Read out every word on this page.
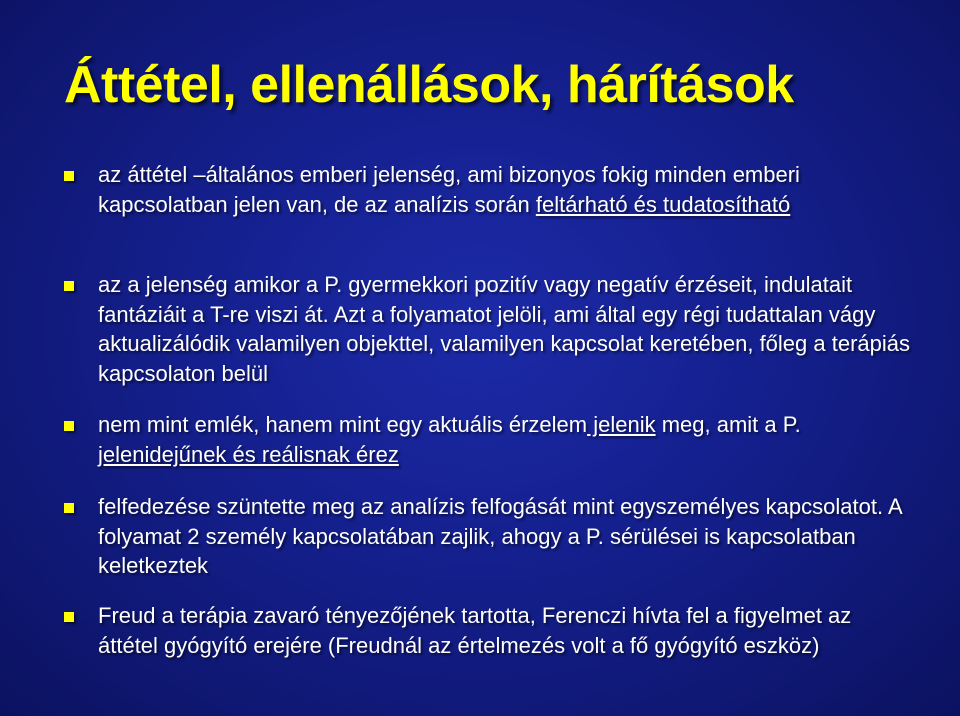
Áttétel, ellenállások, hárítások
az áttétel –általános emberi jelenség, ami bizonyos fokig minden emberi kapcsolatban jelen van, de az analízis során feltárható és tudatosítható
az a jelenség amikor a P. gyermekkori pozitív vagy negatív érzéseit, indulatait fantáziáit a T-re viszi át. Azt a folyamatot jelöli, ami által egy régi tudattalan vágy aktualizálódik valamilyen objekttel, valamilyen kapcsolat keretében, főleg a terápiás kapcsolaton belül
nem mint emlék, hanem mint egy aktuális érzelem jelenik meg, amit a P. jelenidejűnek és reálisnak érez
felfedezése szüntette meg az analízis felfogását mint egyszemélyes kapcsolatot. A folyamat 2 személy kapcsolatában zajlik, ahogy a P. sérülései is kapcsolatban keletkeztek
Freud a terápia zavaró tényezőjének tartotta, Ferenczi hívta fel a figyelmet az áttétel gyógyító erejére (Freudnál az értelmezés volt a fő gyógyító eszköz)
